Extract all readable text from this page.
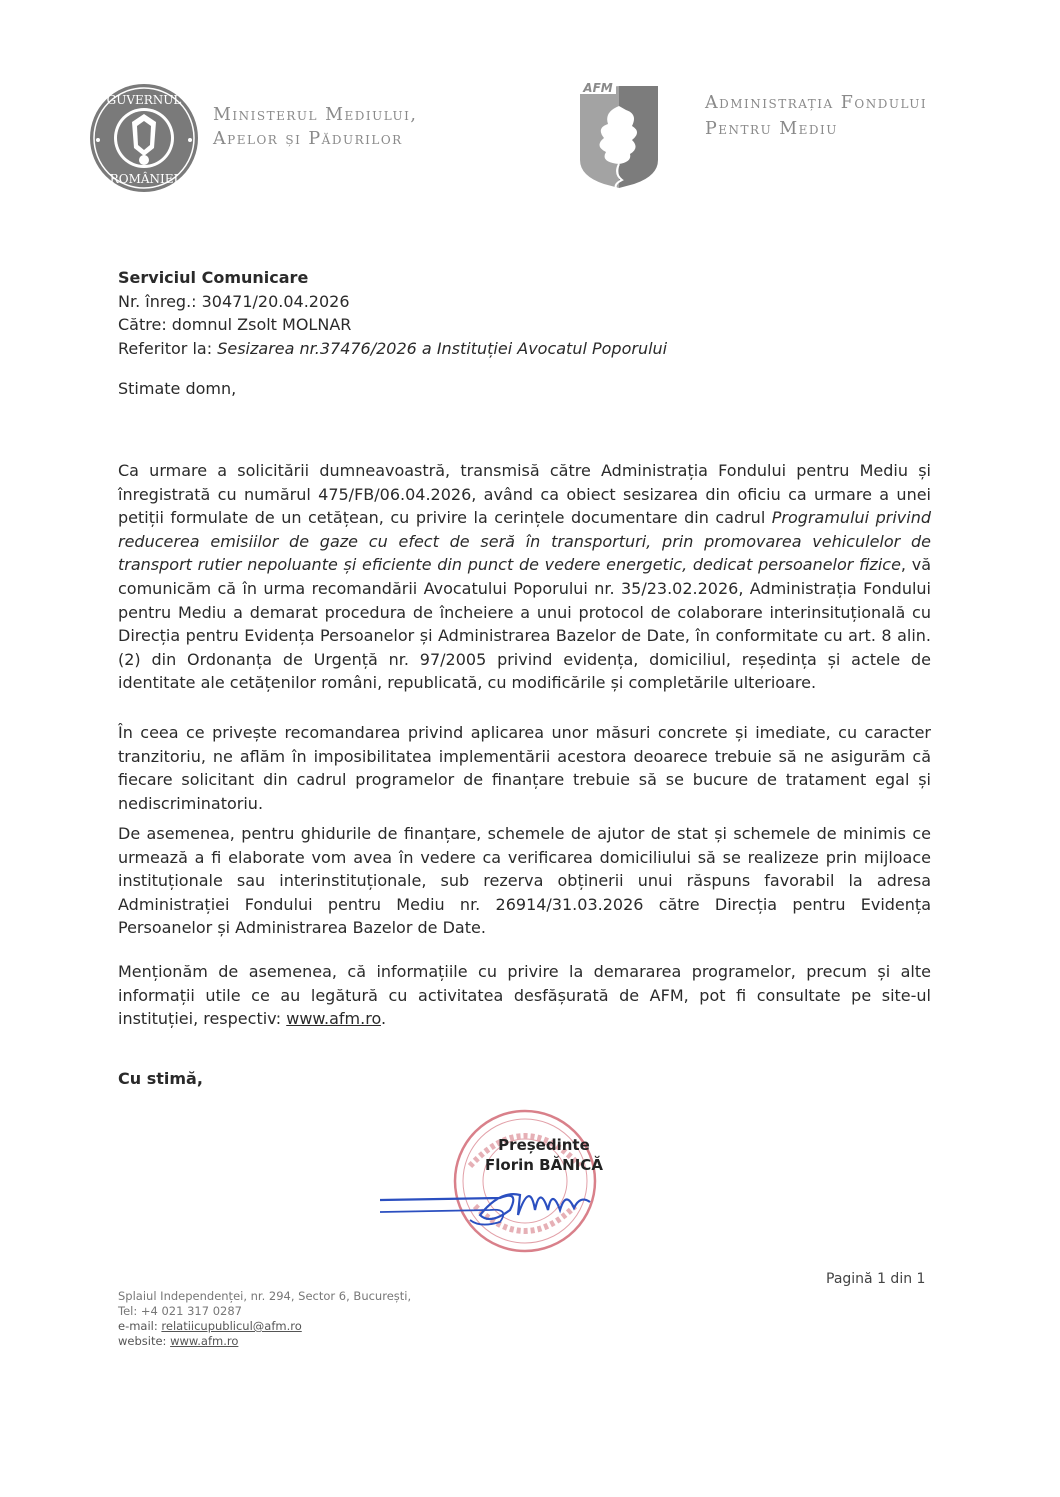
GUVERNUL
ROMÂNIEI
Ministerul Mediului,
Apelor și Pădurilor
AFM
Administrația Fondului
Pentru Mediu
Serviciul Comunicare
Nr. înreg.: 30471/20.04.2026
Către: domnul Zsolt MOLNAR
Referitor la: Sesizarea nr.37476/2026 a Instituției Avocatul Poporului
Stimate domn,

Ca urmare a solicitării dumneavoastră, transmisă către Administrația Fondului pentru Mediu și înregistrată cu numărul 475/FB/06.04.2026, având ca obiect sesizarea din oficiu ca urmare a unei petiții formulate de un cetățean, cu privire la cerințele documentare din cadrul Programului privind reducerea emisiilor de gaze cu efect de seră în transporturi, prin promovarea vehiculelor de transport rutier nepoluante și eficiente din punct de vedere energetic, dedicat persoanelor fizice, vă comunicăm că în urma recomandării Avocatului Poporului nr. 35/23.02.2026, Administrația Fondului pentru Mediu a demarat procedura de încheiere a unui protocol de colaborare interinsituțională cu Direcția pentru Evidența Persoanelor și Administrarea Bazelor de Date, în conformitate cu art. 8 alin.(2) din Ordonanța de Urgență nr. 97/2005 privind evidența, domiciliul, reședința și actele de identitate ale cetățenilor români, republicată, cu modificările și completările ulterioare.

În ceea ce privește recomandarea privind aplicarea unor măsuri concrete și imediate, cu caracter tranzitoriu, ne aflăm în imposibilitatea implementării acestora deoarece trebuie să ne asigurăm că fiecare solicitant din cadrul programelor de finanțare trebuie să se bucure de tratament egal și nediscriminatoriu.

De asemenea, pentru ghidurile de finanțare, schemele de ajutor de stat și schemele de minimis ce urmează a fi elaborate vom avea în vedere ca verificarea domiciliului să se realizeze prin mijloace instituționale sau interinstituționale, sub rezerva obținerii unui răspuns favorabil la adresa Administrației Fondului pentru Mediu nr. 26914/31.03.2026 către Direcția pentru Evidența Persoanelor și Administrarea Bazelor de Date.

Menționăm de asemenea, că informațiile cu privire la demararea programelor, precum și alte informații utile ce au legătură cu activitatea desfășurată de AFM, pot fi consultate pe site-ul instituției, respectiv: www.afm.ro.

Cu stimă,
Președinte
Florin BĂNICĂ
Splaiul Independenței, nr. 294, Sector 6, București,
Tel: +4 021 317 0287
e-mail: relatiicupublicul@afm.ro
website: www.afm.ro
Pagină 1 din 1
